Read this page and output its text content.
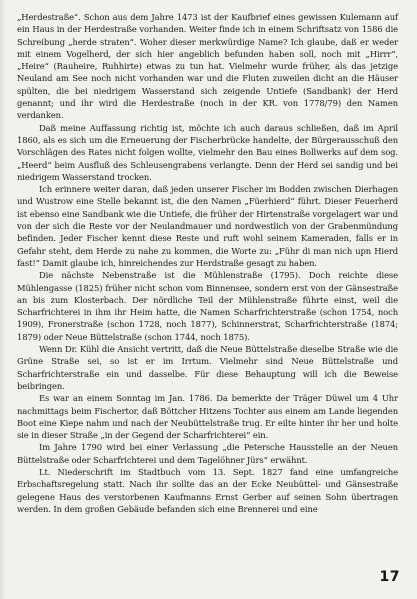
„Herdestraße“. Schon aus dem Jahre 1473 ist der Kaufbrief eines gewissen Kulemann auf ein Haus in der Herdestraße vorhanden. Weiter finde ich in einem Schriftsatz von 1586 die Schreibung „herde straten“. Woher dieser merkwürdige Name? Ich glaube, daß er weder mit einem Vogelherd, der sich hier angeblich befunden haben soll, noch mit „Hirrr“, „Heire“ (Rauheire, Ruhhirte) etwas zu tun hat. Vielmehr wurde früher, als das jetzige Neuland am See noch nicht vorhanden war und die Fluten zuweilen dicht an die Häuser spülten, die bei niedrigem Wasserstand sich zeigende Untiefe (Sandbank) der Herd genannt; und ihr wird die Herdestraße (noch in der KR. von 1778/79) den Namen verdanken.

Daß meine Auffassung richtig ist, möchte ich auch daraus schließen, daß im April 1860, als es sich um die Erneuerung der Fischerbrücke handelte, der Bürgerausschuß den Vorschlägen des Rates nicht folgen wollte, vielmehr den Bau eines Bollwerks auf dem sog. „Heerd“ beim Ausfluß des Schleusengrabens verlangte. Denn der Herd sei sandig und bei niedrigem Wasserstand trocken.

Ich erinnere weiter daran, daß jeden unserer Fischer im Bodden zwischen Dierhagen und Wustrow eine Stelle bekannt ist, die den Namen „Füerhierd“ führt. Dieser Feuerherd ist ebenso eine Sandbank wie die Untiefe, die früher der Hirtenstraße vorgelagert war und von der sich die Reste vor der Neulandmauer und nordwestlich von der Grabenmündung befinden. Jeder Fischer kennt diese Reste und ruft wohl seinem Kameraden, falls er in Gefahr steht, dem Herde zu nahe zu kommen, die Worte zu: „Führ di man nich upn Hierd fast!“ Damit glaube ich, hinreichendes zur Herdstraße gesagt zu haben.

Die nächste Nebenstraße ist die Mühlenstraße (1795). Doch reichte diese Mühlengasse (1825) früher nicht schon vom Binnensee, sondern erst von der Gänsestraße an bis zum Klosterbach. Der nördliche Teil der Mühlenstraße führte einst, weil die Scharfrichterei in ihm ihr Heim hatte, die Namen Scharfrichterstraße (schon 1754, noch 1909), Fronerstraße (schon 1728, noch 1877), Schinnerstrat, Scharfrichterstraße (1874; 1879) oder Neue Büttelstraße (schon 1744, noch 1875).

Wenn Dr. Kühl die Ansicht vertritt, daß die Neue Büttelstraße dieselbe Straße wie die Grüne Straße sei, so ist er im Irrtum. Vielmehr sind Neue Büttelstraße und Scharfrichterstraße ein und dasselbe. Für diese Behauptung will ich die Beweise beibringen.

Es war an einem Sonntag im Jan. 1786. Da bemerkte der Träger Düwel um 4 Uhr nachmittags beim Fischertor, daß Böttcher Hitzens Tochter aus einem am Lande liegenden Boot eine Kiepe nahm und nach der Neubüttelstraße trug. Er eilte hinter ihr her und holte sie in dieser Straße „in der Gegend der Scharfrichterei“ ein.

Im Jahre 1790 wird bei einer Verlassung „die Petersche Hausstelle an der Neuen Büttelstraße oder Scharfrichterei und dem Tagelöhner Jürs“ erwähnt.

Lt. Niederschrift im Stadtbuch vom 13. Sept. 1827 fand eine umfangreiche Erbschaftsregelung statt. Nach ihr sollte das an der Ecke Neubüttel- und Gänsestraße gelegene Haus des verstorbenen Kaufmanns Ernst Gerber auf seinen Sohn übertragen werden. In dem großen Gebäude befanden sich eine Brennerei und eine

17
